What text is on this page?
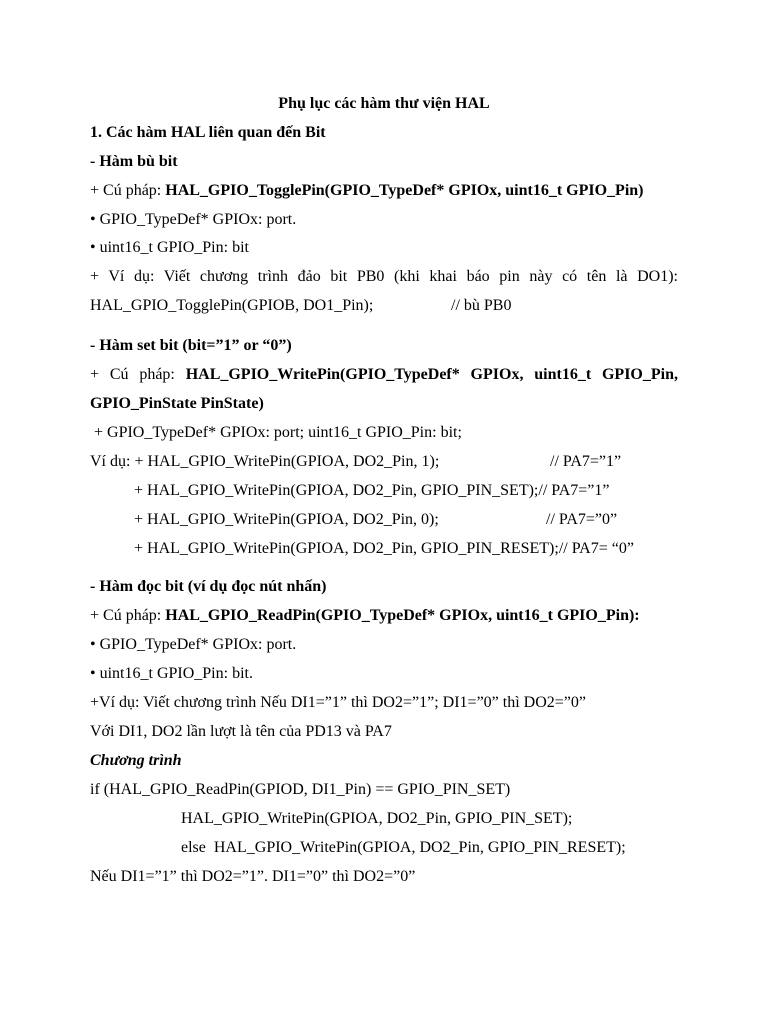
Phụ lục các hàm thư viện HAL
1. Các hàm HAL liên quan đến Bit
- Hàm bù bit
+ Cú pháp: HAL_GPIO_TogglePin(GPIO_TypeDef* GPIOx, uint16_t GPIO_Pin)
• GPIO_TypeDef* GPIOx: port.
• uint16_t GPIO_Pin: bit
+ Ví dụ: Viết chương trình đảo bit PB0 (khi khai báo pin này có tên là DO1):
HAL_GPIO_TogglePin(GPIOB, DO1_Pin);	// bù PB0
- Hàm set bit (bit=”1” or “0”)
+ Cú pháp: HAL_GPIO_WritePin(GPIO_TypeDef* GPIOx, uint16_t GPIO_Pin,
GPIO_PinState PinState)
+ GPIO_TypeDef* GPIOx: port; uint16_t GPIO_Pin: bit;
Ví dụ: + HAL_GPIO_WritePin(GPIOA, DO2_Pin, 1);	// PA7=”1”
+ HAL_GPIO_WritePin(GPIOA, DO2_Pin, GPIO_PIN_SET);// PA7=”1”
+ HAL_GPIO_WritePin(GPIOA, DO2_Pin, 0);	// PA7=”0”
+ HAL_GPIO_WritePin(GPIOA, DO2_Pin, GPIO_PIN_RESET);// PA7= “0”
- Hàm đọc bit (ví dụ đọc nút nhấn)
+ Cú pháp: HAL_GPIO_ReadPin(GPIO_TypeDef* GPIOx, uint16_t GPIO_Pin):
• GPIO_TypeDef* GPIOx: port.
• uint16_t GPIO_Pin: bit.
+Ví dụ: Viết chương trình Nếu DI1=”1” thì DO2=”1”; DI1=”0” thì DO2=”0”
Với DI1, DO2 lần lượt là tên của PD13 và PA7
Chương trình
if (HAL_GPIO_ReadPin(GPIOD, DI1_Pin) == GPIO_PIN_SET)
HAL_GPIO_WritePin(GPIOA, DO2_Pin, GPIO_PIN_SET);
else  HAL_GPIO_WritePin(GPIOA, DO2_Pin, GPIO_PIN_RESET);
Nếu DI1=”1” thì DO2=”1”. DI1=”0” thì DO2=”0”
